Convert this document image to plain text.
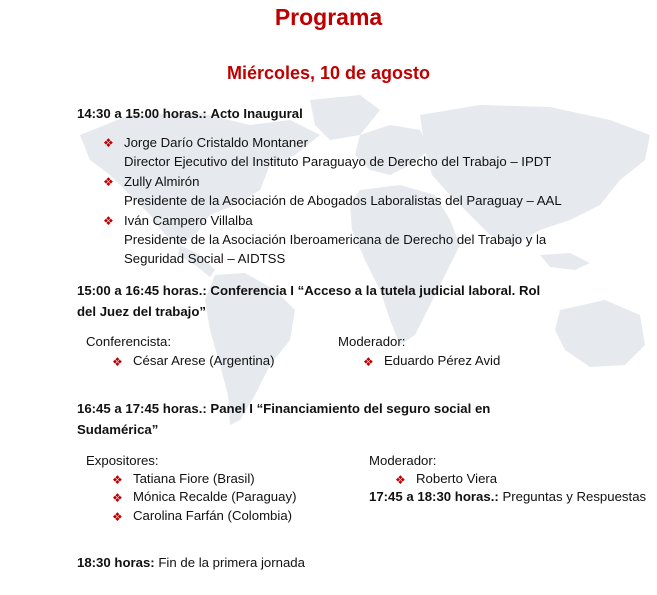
Programa
Miércoles, 10 de agosto
14:30 a 15:00 horas.: Acto Inaugural
❖ Jorge Darío Cristaldo Montaner
Director Ejecutivo del Instituto Paraguayo de Derecho del Trabajo – IPDT
❖ Zully Almirón
Presidente de la Asociación de Abogados Laboralistas del Paraguay – AAL
❖ Iván Campero Villalba
Presidente de la Asociación Iberoamericana de Derecho del Trabajo y la
Seguridad Social – AIDTSS
15:00 a 16:45 horas.: Conferencia I “Acceso a la tutela judicial laboral. Rol
del Juez del trabajo”
Conferencista:
❖ César Arese (Argentina)
Moderador:
❖ Eduardo Pérez Avid
16:45 a 17:45 horas.: Panel I “Financiamiento del seguro social en
Sudamérica”
Expositores:
❖ Tatiana Fiore (Brasil)
❖ Mónica Recalde (Paraguay)
❖ Carolina Farfán (Colombia)
Moderador:
❖ Roberto Viera
17:45 a 18:30 horas.: Preguntas y Respuestas
18:30 horas: Fin de la primera jornada
